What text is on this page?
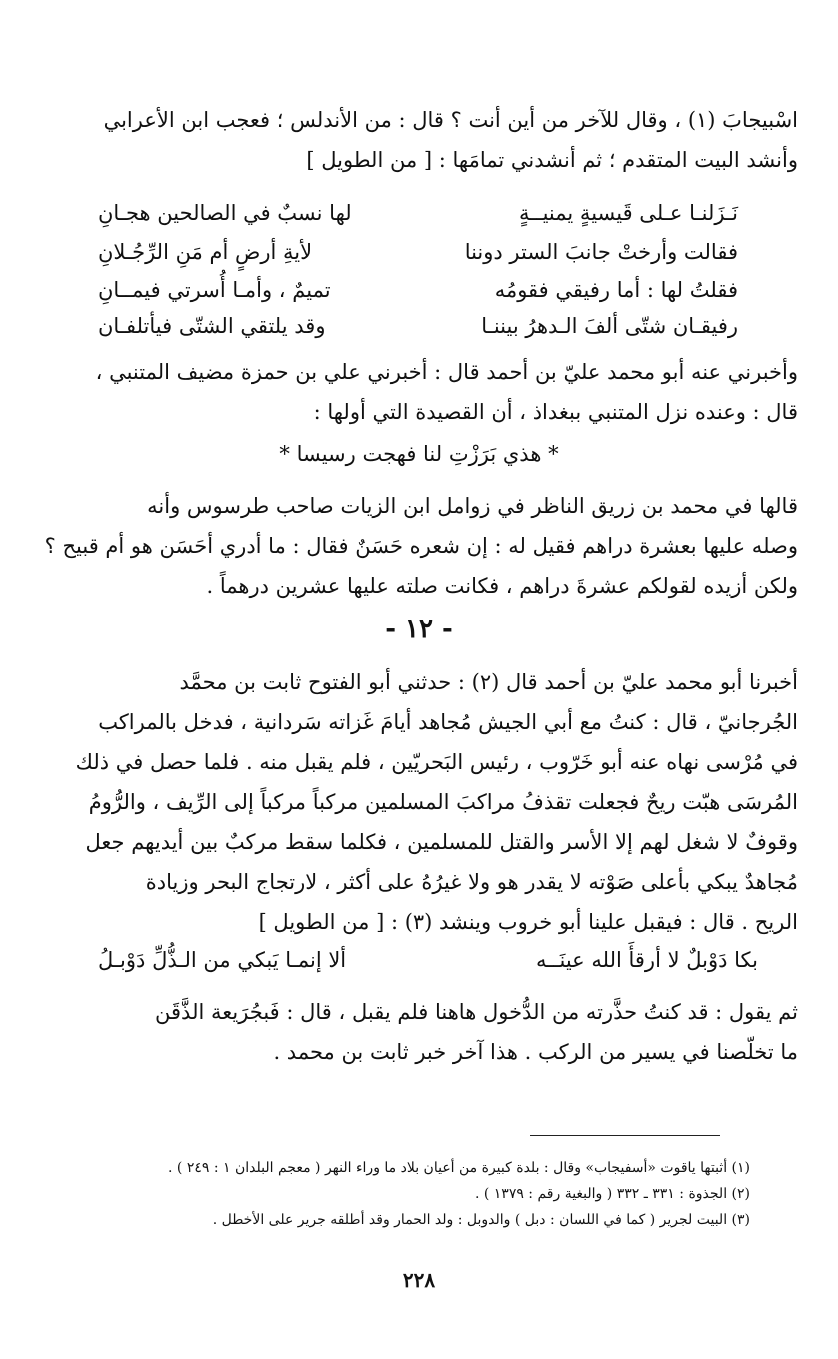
اسْبيجابَ (١) ، وقال للآخر من أين أنت ؟ قال : من الأندلس ؛ فعجب ابن الأعرابي
وأنشد البيت المتقدم ؛ ثم أنشدني تمامَها : [ من الطويل ]
نَـزَلنـا عـلى قَيسيةٍ يمنيــةٍ
لها نسبٌ في الصالحين هجـانِ
فقالت وأرختْ جانبَ الستر دوننا
لأيةِ أرضٍ أم مَنِ الرِّجُـلانِ
فقلتُ لها : أما رفيقي فقومُه
تميمٌ ، وأمـا أُسرتي فيمــانِ
رفيقـان شتّى ألفَ الـدهرُ بيننـا
وقد يلتقي الشتّى فيأتلفـان
وأخبرني عنه أبو محمد عليّ بن أحمد قال : أخبرني علي بن حمزة مضيف المتنبي ،
قال : وعنده نزل المتنبي ببغداذ ، أن القصيدة التي أولها :
* هذي بَرَزْتِ لنا فهجت رسيسا *
قالها في محمد بن زريق الناظر في زوامل ابن الزيات صاحب طرسوس وأنه
وصله عليها بعشرة دراهم فقيل له : إن شعره حَسَنٌ فقال : ما أدري أحَسَن هو أم قبيح ؟
ولكن أزيده لقولكم عشرةَ دراهم ، فكانت صلته عليها عشرين درهماً .
- ١٢ -
أخبرنا أبو محمد عليّ بن أحمد قال (٢) : حدثني أبو الفتوح ثابت بن محمَّد
الجُرجانيّ ، قال : كنتُ مع أبي الجيش مُجاهد أيامَ غَزاته سَردانية ، فدخل بالمراكب
في مُرْسى نهاه عنه أبو خَرّوب ، رئيس البَحريّين ، فلم يقبل منه . فلما حصل في ذلك
المُرسَى هبّت ريحٌ فجعلت تقذفُ مراكبَ المسلمين مركباً مركباً إلى الرِّيف ، والرُّومُ
وقوفٌ لا شغل لهم إلا الأسر والقتل للمسلمين ، فكلما سقط مركبٌ بين أيديهم جعل
مُجاهدٌ يبكي بأعلى صَوْته لا يقدر هو ولا غيرُهُ على أكثر ، لارتجاج البحر وزيادة
الريح . قال : فيقبل علينا أبو خروب وينشد (٣) : [ من الطويل ]
بكا دَوْبلٌ لا أرقأَ الله عينَــه
ألا إنمـا يَبكي من الـذُّلِّ دَوْبـلُ
ثم يقول : قد كنتُ حذَّرته من الدُّخول هاهنا فلم يقبل ، قال : فَبجُرَيعة الذَّقَن
ما تخلّصنا في يسير من الركب . هذا آخر خبر ثابت بن محمد .
(١) أثبتها ياقوت «أسفيجاب» وقال : بلدة كبيرة من أعيان بلاد ما وراء النهر ( معجم البلدان ١ : ٢٤٩ ) .
(٢) الجذوة : ٣٣١ ـ ٣٣٢ ( والبغية رقم : ١٣٧٩ ) .
(٣) البيت لجرير ( كما في اللسان : دبل ) والدوبل : ولد الحمار وقد أطلقه جرير على الأخطل .
٢٢٨
